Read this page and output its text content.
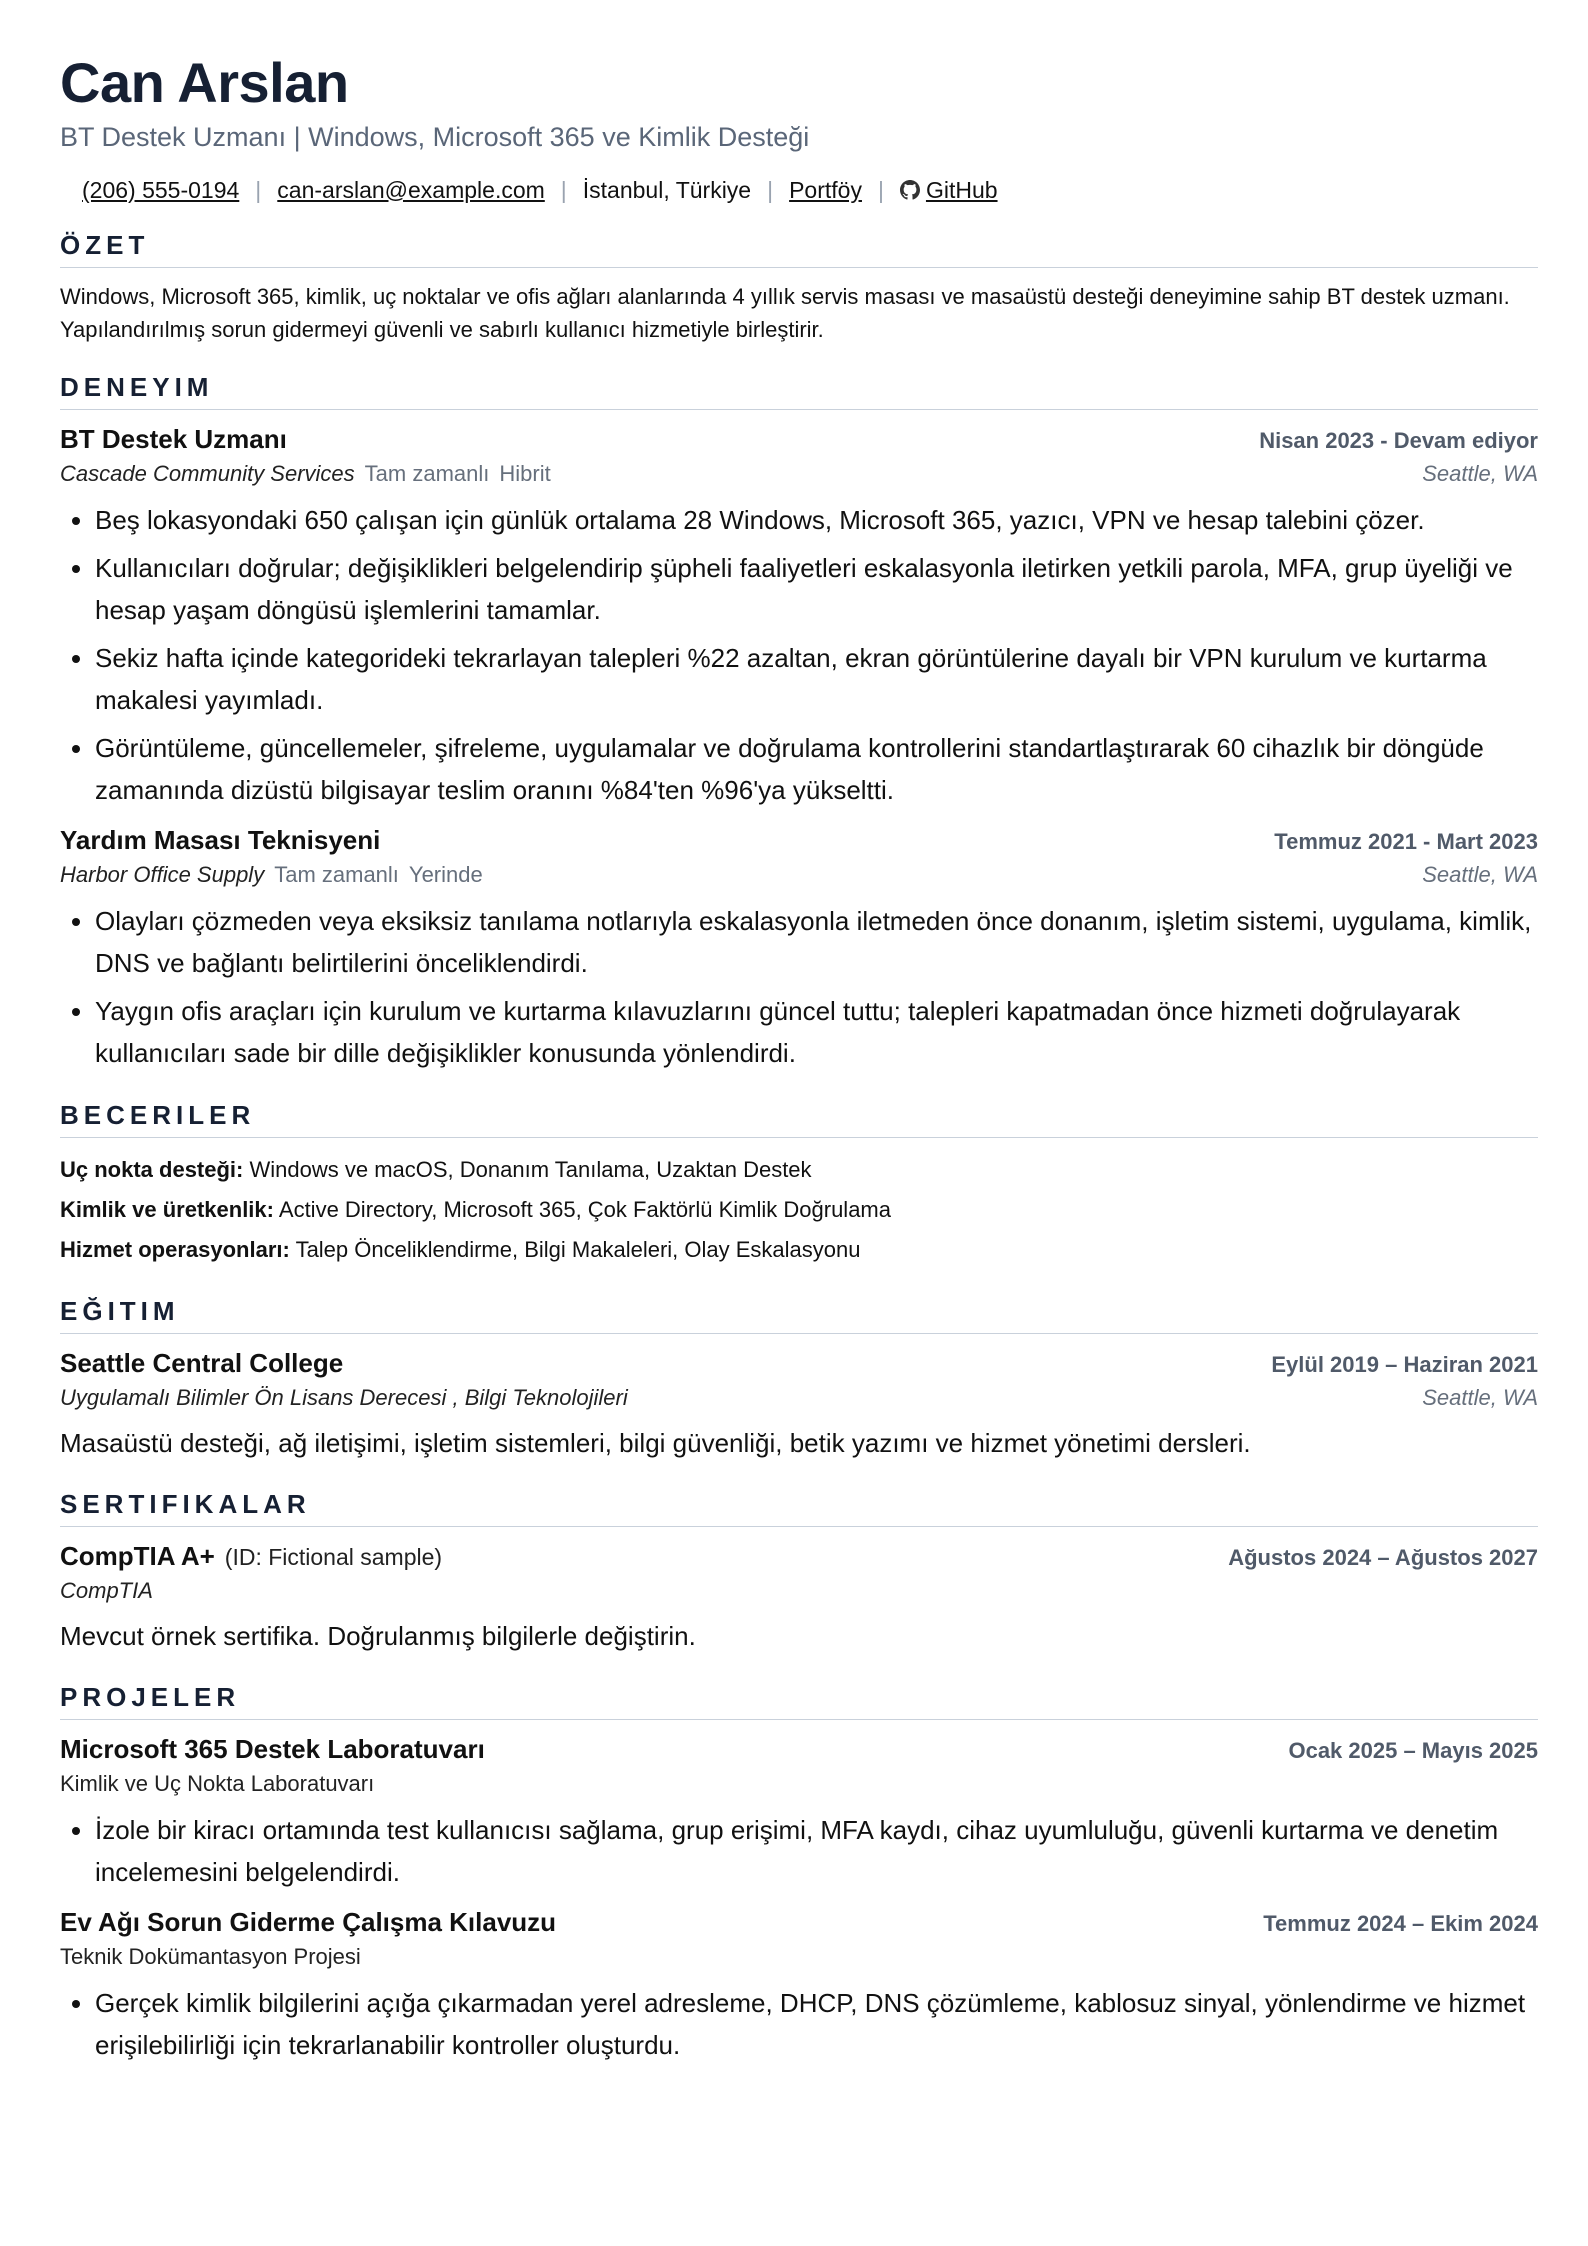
Can Arslan
BT Destek Uzmanı | Windows, Microsoft 365 ve Kimlik Desteği
(206) 555-0194 | can-arslan@example.com | İstanbul, Türkiye | Portföy | GitHub
ÖZET
Windows, Microsoft 365, kimlik, uç noktalar ve ofis ağları alanlarında 4 yıllık servis masası ve masaüstü desteği deneyimine sahip BT destek uzmanı. Yapılandırılmış sorun gidermeyi güvenli ve sabırlı kullanıcı hizmetiyle birleştirir.
DENEYIM
BT Destek Uzmanı	Nisan 2023 - Devam ediyor
Cascade Community Services Tam zamanlı Hibrit	Seattle, WA
• Beş lokasyondaki 650 çalışan için günlük ortalama 28 Windows, Microsoft 365, yazıcı, VPN ve hesap talebini çözer.
• Kullanıcıları doğrular; değişiklikleri belgelendirip şüpheli faaliyetleri eskalasyonla iletirken yetkili parola, MFA, grup üyeliği ve hesap yaşam döngüsü işlemlerini tamamlar.
• Sekiz hafta içinde kategorideki tekrarlayan talepleri %22 azaltan, ekran görüntülerine dayalı bir VPN kurulum ve kurtarma makalesi yayımladı.
• Görüntüleme, güncellemeler, şifreleme, uygulamalar ve doğrulama kontrollerini standartlaştırarak 60 cihazlık bir döngüde zamanında dizüstü bilgisayar teslim oranını %84'ten %96'ya yükseltti.
Yardım Masası Teknisyeni	Temmuz 2021 - Mart 2023
Harbor Office Supply Tam zamanlı Yerinde	Seattle, WA
• Olayları çözmeden veya eksiksiz tanılama notlarıyla eskalasyonla iletmeden önce donanım, işletim sistemi, uygulama, kimlik, DNS ve bağlantı belirtilerini önceliklendirdi.
• Yaygın ofis araçları için kurulum ve kurtarma kılavuzlarını güncel tuttu; talepleri kapatmadan önce hizmeti doğrulayarak kullanıcıları sade bir dille değişiklikler konusunda yönlendirdi.
BECERILER
Uç nokta desteği: Windows ve macOS, Donanım Tanılama, Uzaktan Destek
Kimlik ve üretkenlik: Active Directory, Microsoft 365, Çok Faktörlü Kimlik Doğrulama
Hizmet operasyonları: Talep Önceliklendirme, Bilgi Makaleleri, Olay Eskalasyonu
EĞITIM
Seattle Central College	Eylül 2019 – Haziran 2021
Uygulamalı Bilimler Ön Lisans Derecesi , Bilgi Teknolojileri	Seattle, WA
Masaüstü desteği, ağ iletişimi, işletim sistemleri, bilgi güvenliği, betik yazımı ve hizmet yönetimi dersleri.
SERTIFIKALAR
CompTIA A+ (ID: Fictional sample)	Ağustos 2024 – Ağustos 2027
CompTIA
Mevcut örnek sertifika. Doğrulanmış bilgilerle değiştirin.
PROJELER
Microsoft 365 Destek Laboratuvarı	Ocak 2025 – Mayıs 2025
Kimlik ve Uç Nokta Laboratuvarı
• İzole bir kiracı ortamında test kullanıcısı sağlama, grup erişimi, MFA kaydı, cihaz uyumluluğu, güvenli kurtarma ve denetim incelemesini belgelendirdi.
Ev Ağı Sorun Giderme Çalışma Kılavuzu	Temmuz 2024 – Ekim 2024
Teknik Dokümantasyon Projesi
• Gerçek kimlik bilgilerini açığa çıkarmadan yerel adresleme, DHCP, DNS çözümleme, kablosuz sinyal, yönlendirme ve hizmet erişilebilirliği için tekrarlanabilir kontroller oluşturdu.
